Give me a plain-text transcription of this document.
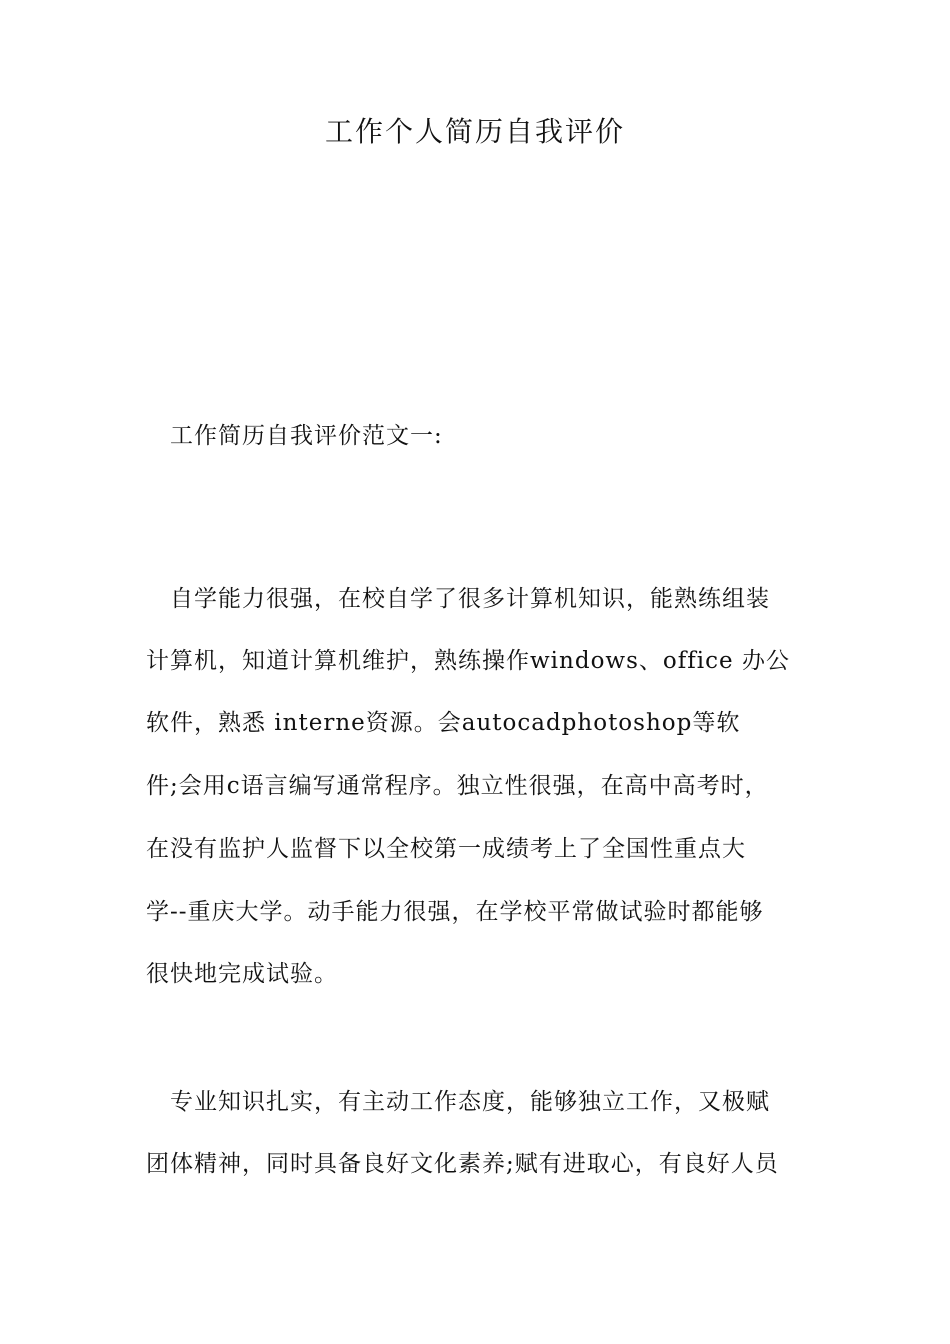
工作个人简历自我评价
工作简历自我评价范文一:
自学能力很强，在校自学了很多计算机知识，能熟练组装
计算机，知道计算机维护，熟练操作windows、office 办公
软件，熟悉 interne资源。会autocadphotoshop等软
件;会用c语言编写通常程序。独立性很强，在高中高考时，
在没有监护人监督下以全校第一成绩考上了全国性重点大
学--重庆大学。动手能力很强，在学校平常做试验时都能够
很快地完成试验。
专业知识扎实，有主动工作态度，能够独立工作，又极赋
团体精神，同时具备良好文化素养;赋有进取心，有良好人员
